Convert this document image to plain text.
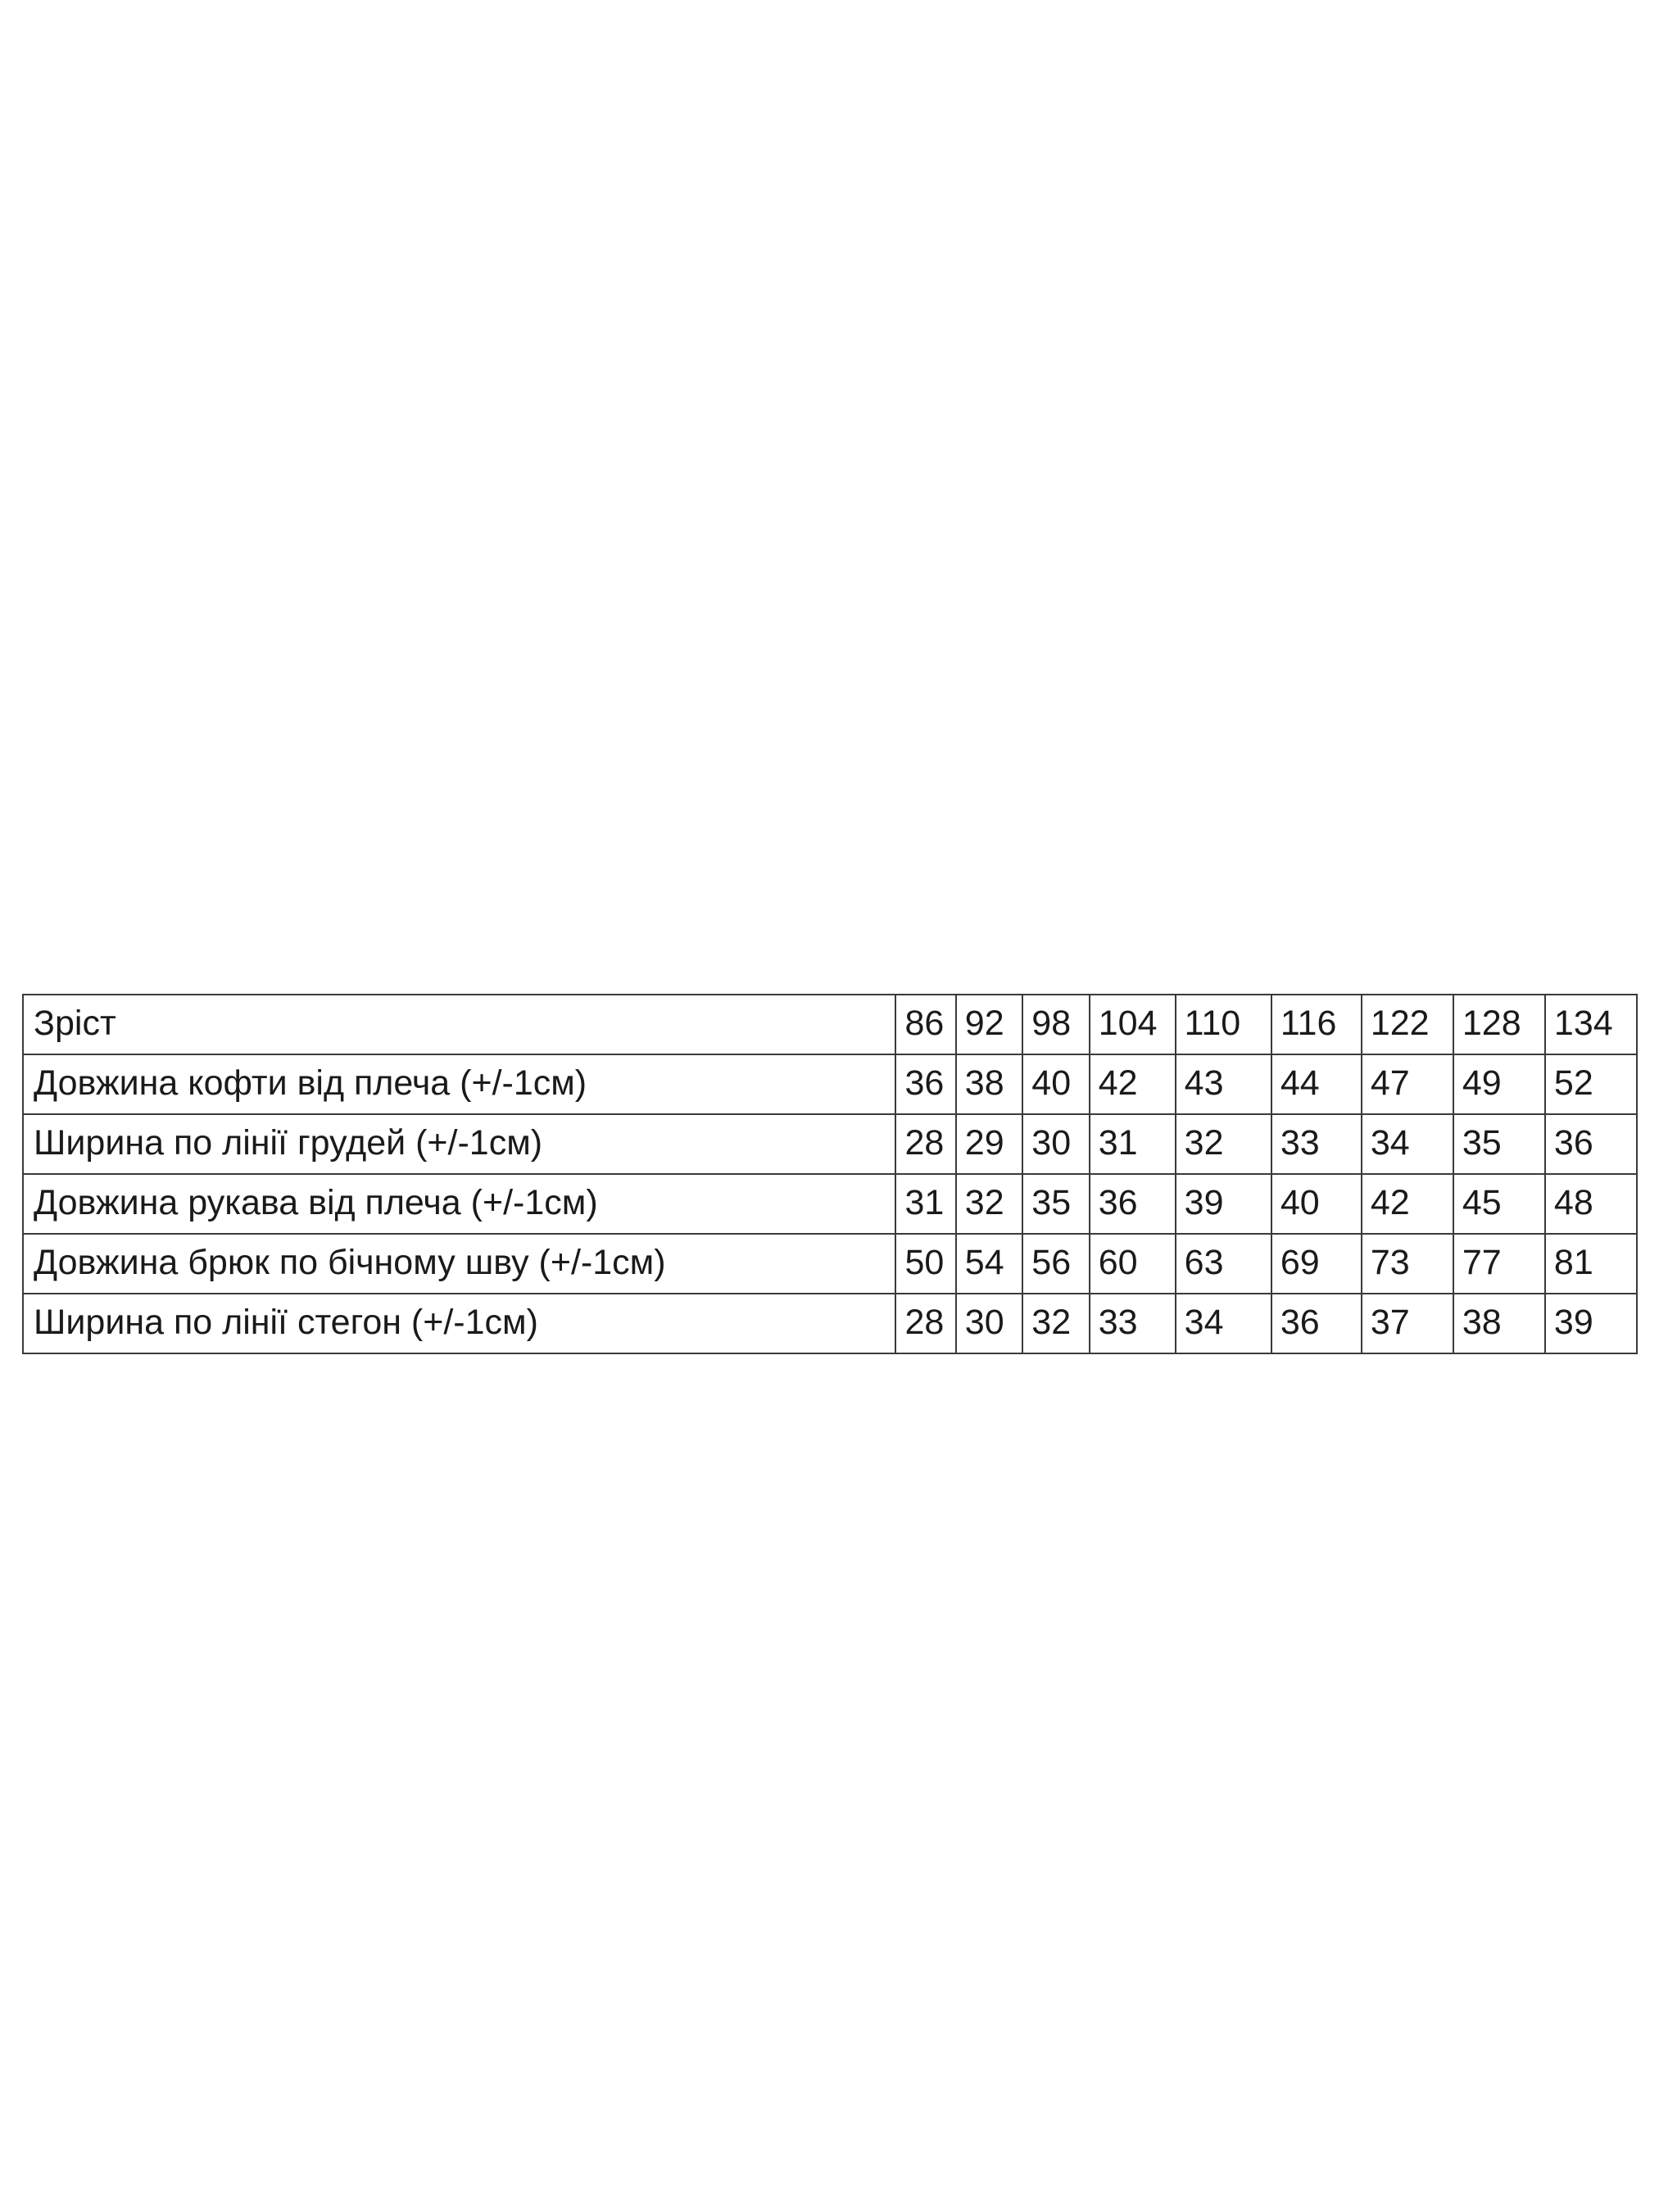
Зріст	86	92	98	104	110	116	122	128	134
Довжина кофти від плеча (+/-1см)	36	38	40	42	43	44	47	49	52
Ширина по лінії грудей (+/-1см)	28	29	30	31	32	33	34	35	36
Довжина рукава від плеча (+/-1см)	31	32	35	36	39	40	42	45	48
Довжина брюк по бічному шву (+/-1см)	50	54	56	60	63	69	73	77	81
Ширина по лінії стегон (+/-1см)	28	30	32	33	34	36	37	38	39
